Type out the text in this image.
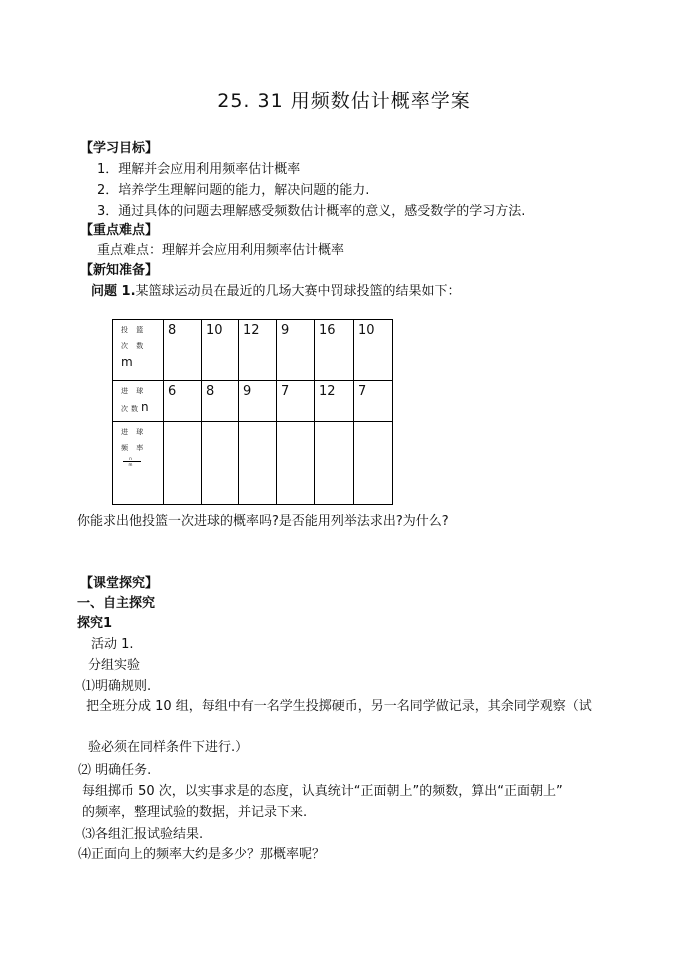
25. 31 用频数估计概率学案
【学习目标】
1．理解并会应用利用频率估计概率
2．培养学生理解问题的能力，解决问题的能力.
3．通过具体的问题去理解感受频数估计概率的意义，感受数学的学习方法.
【重点难点】
重点难点：理解并会应用利用频率估计概率
【新知准备】
问题 1.某篮球运动员在最近的几场大赛中罚球投篮的结果如下：
投 篮
次 数
m	8	10	12	9	16	10
进 球
次数n	6	8	9	7	12	7
进 球
频 率
$\frac{n}{m}$						
你能求出他投篮一次进球的概率吗?是否能用列举法求出?为什么?
【课堂探究】
一、自主探究
探究1
活动 1.
分组实验
⑴明确规则.
把全班分成 10 组，每组中有一名学生投掷硬币，另一名同学做记录，其余同学观察（试
验必须在同样条件下进行.）
⑵ 明确任务.
每组掷币 50 次，以实事求是的态度，认真统计“正面朝上”的频数，算出“正面朝上”
的频率，整理试验的数据，并记录下来.
⑶各组汇报试验结果.
⑷正面向上的频率大约是多少？那概率呢？
